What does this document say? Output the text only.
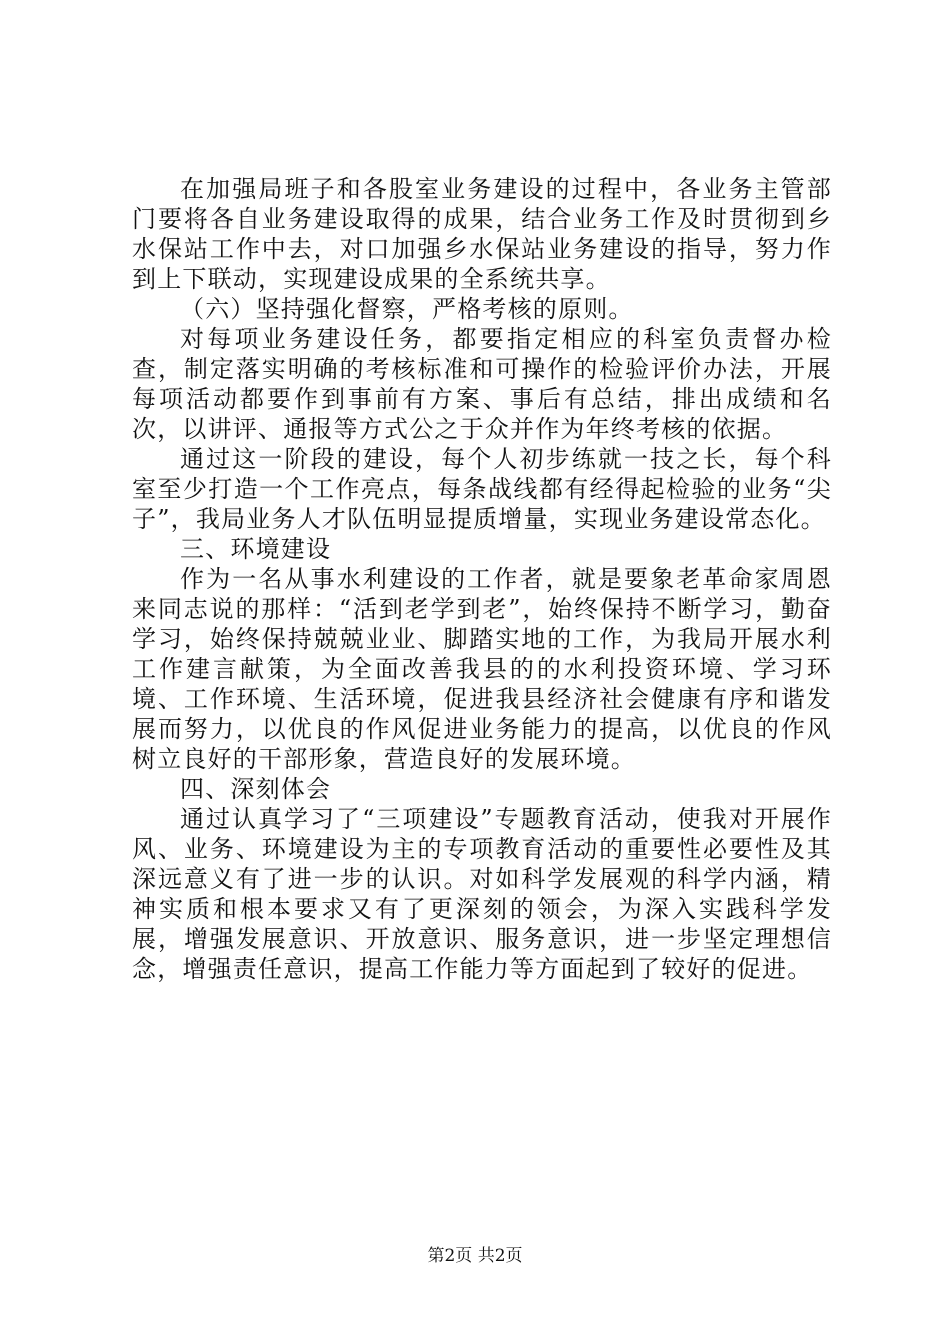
在加强局班子和各股室业务建设的过程中，各业务主管部门要将各自业务建设取得的成果，结合业务工作及时贯彻到乡水保站工作中去，对口加强乡水保站业务建设的指导，努力作到上下联动，实现建设成果的全系统共享。

（六）坚持强化督察，严格考核的原则。

对每项业务建设任务，都要指定相应的科室负责督办检查，制定落实明确的考核标准和可操作的检验评价办法，开展每项活动都要作到事前有方案、事后有总结，排出成绩和名次，以讲评、通报等方式公之于众并作为年终考核的依据。

通过这一阶段的建设，每个人初步练就一技之长，每个科室至少打造一个工作亮点，每条战线都有经得起检验的业务“尖子”，我局业务人才队伍明显提质增量，实现业务建设常态化。

三、环境建设

作为一名从事水利建设的工作者，就是要象老革命家周恩来同志说的那样：“活到老学到老”，始终保持不断学习，勤奋学习，始终保持兢兢业业、脚踏实地的工作，为我局开展水利工作建言献策，为全面改善我县的的水利投资环境、学习环境、工作环境、生活环境，促进我县经济社会健康有序和谐发展而努力，以优良的作风促进业务能力的提高，以优良的作风树立良好的干部形象，营造良好的发展环境。

四、深刻体会

通过认真学习了“三项建设”专题教育活动，使我对开展作风、业务、环境建设为主的专项教育活动的重要性必要性及其深远意义有了进一步的认识。对如科学发展观的科学内涵，精神实质和根本要求又有了更深刻的领会，为深入实践科学发展，增强发展意识、开放意识、服务意识，进一步坚定理想信念，增强责任意识，提高工作能力等方面起到了较好的促进。

第2页 共2页
